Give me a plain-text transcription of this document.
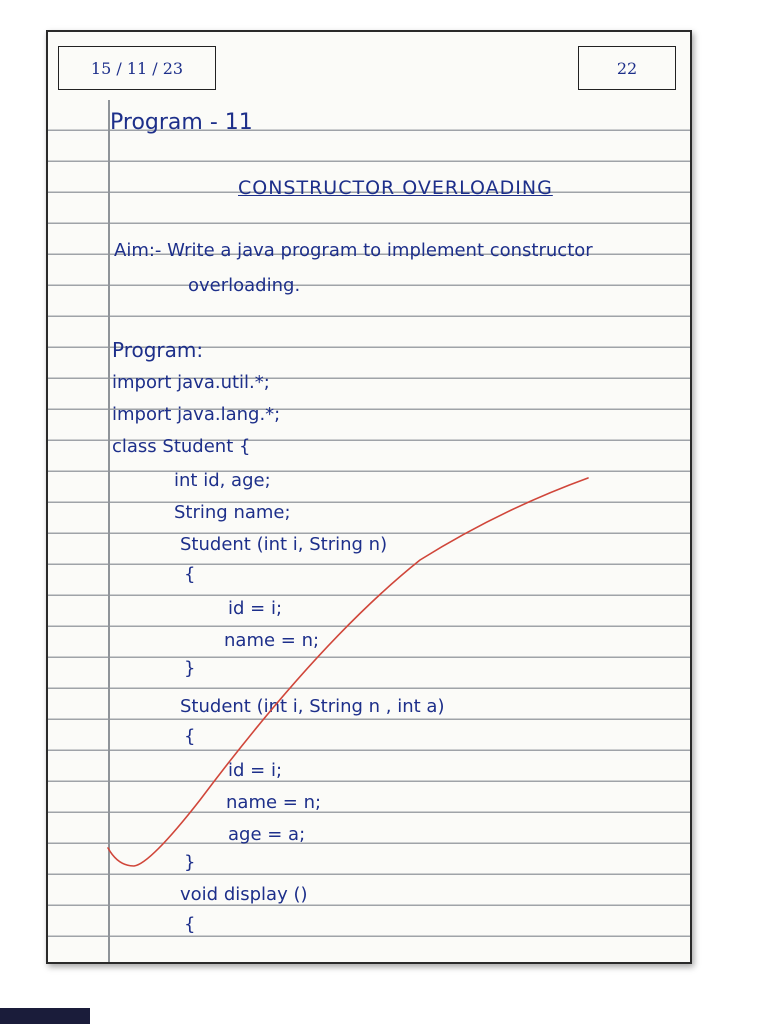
15 / 11 / 23	22
Program - 11
CONSTRUCTOR OVERLOADING
Aim:- Write a java program to implement constructor
overloading.
Program:
import java.util.*;
import java.lang.*;
class Student {
int id, age;
String name;
Student (int i, String n)
{
id = i;
name = n;
}
Student (int i, String n , int a)
{
id = i;
name = n;
age = a;
}
void display ()
{
